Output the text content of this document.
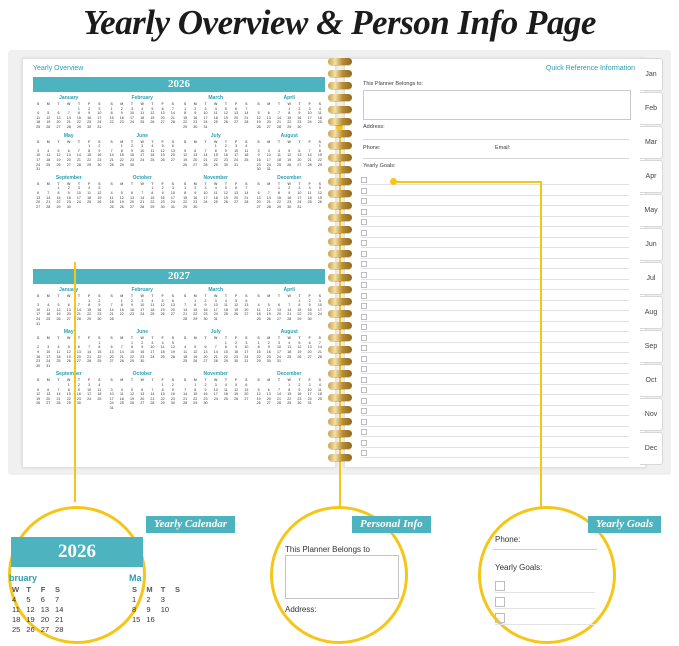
Yearly Overview & Person Info Page
Yearly Overview
2026
January
S	M	T	W	T	F	S
				1	2	3
4	5	6	7	8	9	10
11	12	13	14	15	16	17
18	19	20	21	22	23	24
25	26	27	28	29	30	31
February
S	M	T	W	T	F	S
1	2	3	4	5	6	7
8	9	10	11	12	13	14
15	16	17	18	19	20	21
22	23	24	25	26	27	28
March
S	M	T	W	T	F	S
1	2	3	4	5	6	7
8	9	10	11	12	13	14
15	16	17	18	19	20	21
22	23	24	25	26	27	28
29	30	31				
April
S	M	T	W	T	F	S
			1	2	3	4
5	6	7	8	9	10	11
12	13	14	15	16	17	18
19	20	21	22	23	24	25
26	27	28	29	30		
May
S	M	T	W	T	F	S
					1	2
3	4	5	6	7	8	9
10	11	12	13	14	15	16
17	18	19	20	21	22	23
24	25	26	27	28	29	30
31						
June
S	M	T	W	T	F	S
	1	2	3	4	5	6
7	8	9	10	11	12	13
14	15	16	17	18	19	20
21	22	23	24	25	26	27
28	29	30				
July
S	M	T	W	T	F	S
			1	2	3	4
5	6	7	8	9	10	11
12	13	14	15	16	17	18
19	20	21	22	23	24	25
26	27	28	29	30	31	
August
S	M	T	W	T	F	S
						1
2	3	4	5	6	7	8
9	10	11	12	13	14	15
16	17	18	19	20	21	22
23	24	25	26	27	28	29
30	31					
September
S	M	T	W	T	F	S
		1	2	3	4	5
6	7	8	9	10	11	12
13	14	15	16	17	18	19
20	21	22	23	24	25	26
27	28	29	30			
October
S	M	T	W	T	F	S
				1	2	3
4	5	6	7	8	9	10
11	12	13	14	15	16	17
18	19	20	21	22	23	24
25	26	27	28	29	30	31
November
S	M	T	W	T	F	S
1	2	3	4	5	6	7
8	9	10	11	12	13	14
15	16	17	18	19	20	21
22	23	24	25	26	27	28
29	30					
December
S	M	T	W	T	F	S
		1	2	3	4	5
6	7	8	9	10	11	12
13	14	15	16	17	18	19
20	21	22	23	24	25	26
27	28	29	30	31		
2027
January
S	M	T	W	T	F	S
					1	2
3	4	5	6	7	8	9
10	11	12	13	14	15	16
17	18	19	20	21	22	23
24	25	26	27	28	29	30
31						
February
S	M	T	W	T	F	S
	1	2	3	4	5	6
7	8	9	10	11	12	13
14	15	16	17	18	19	20
21	22	23	24	25	26	27
28						
March
S	M	T	W	T	F	S
	1	2	3	4	5	6
7	8	9	10	11	12	13
14	15	16	17	18	19	20
21	22	23	24	25	26	27
28	29	30	31			
April
S	M	T	W	T	F	S
				1	2	3
4	5	6	7	8	9	10
11	12	13	14	15	16	17
18	19	20	21	22	23	24
25	26	27	28	29	30	
May
S	M	T	W	T	F	S
						1
2	3	4	5	6	7	8
9	10	11	12	13	14	15
16	17	18	19	20	21	22
23	24	25	26	27	28	29
30	31					
June
S	M	T	W	T	F	S
		1	2	3	4	5
6	7	8	9	10	11	12
13	14	15	16	17	18	19
20	21	22	23	24	25	26
27	28	29	30			
July
S	M	T	W	T	F	S
				1	2	3
4	5	6	7	8	9	10
11	12	13	14	15	16	17
18	19	20	21	22	23	24
25	26	27	28	29	30	31
August
S	M	T	W	T	F	S
1	2	3	4	5	6	7
8	9	10	11	12	13	14
15	16	17	18	19	20	21
22	23	24	25	26	27	28
29	30	31				
September
S	M	T	W	T	F	S
			1	2	3	4
5	6	7	8	9	10	11
12	13	14	15	16	17	18
19	20	21	22	23	24	25
26	27	28	29	30		
October
S	M	T	W	T	F	S
					1	2
3	4	5	6	7	8	9
10	11	12	13	14	15	16
17	18	19	20	21	22	23
24	25	26	27	28	29	30
31						
November
S	M	T	W	T	F	S
	1	2	3	4	5	6
7	8	9	10	11	12	13
14	15	16	17	18	19	20
21	22	23	24	25	26	27
28	29	30				
December
S	M	T	W	T	F	S
			1	2	3	4
5	6	7	8	9	10	11
12	13	14	15	16	17	18
19	20	21	22	23	24	25
26	27	28	29	30	31	
Quick Reference Information
This Planner Belongs to:
Address:
Phone:	Email:
Yearly Goals:
Jan
Feb
Mar
Apr
May
Jun
Jul
Aug
Sep
Oct
Nov
Dec
2026
bruary	Ma
W	T	F	S
4	5	6	7
11	12	13	14
18	19	20	21
25	26	27	28
S	M	T	S
1	2	3	
8	9	10	
15	16		
Yearly Calendar
This Planner Belongs to
Address:
Personal Info
Phone:
Yearly Goals:
Yearly Goals
